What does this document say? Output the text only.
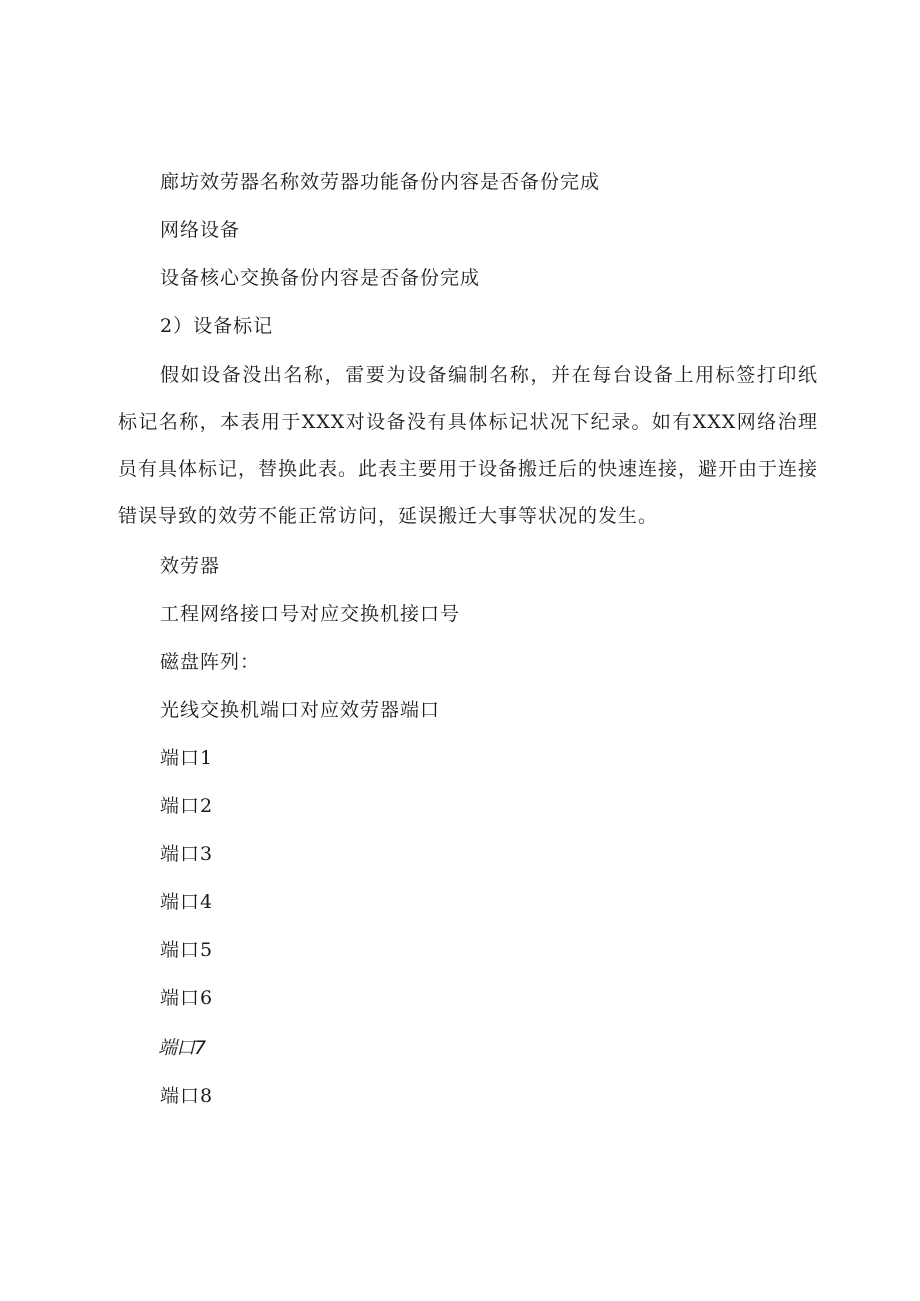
廊坊效劳器名称效劳器功能备份内容是否备份完成
网络设备
设备核心交换备份内容是否备份完成
2）设备标记
假如设备没出名称，雷要为设备编制名称，并在每台设备上用标签打印纸标记名称，本表用于XXX对设备没有具体标记状况下纪录。如有XXX网络治理员有具体标记，替换此表。此表主要用于设备搬迁后的快速连接，避开由于连接错误导致的效劳不能正常访问，延误搬迁大事等状况的发生。
效劳器
工程网络接口号对应交换机接口号
磁盘阵列：
光线交换机端口对应效劳器端口
端口1
端口2
端口3
端口4
端口5
端口6
端口7
端口8
